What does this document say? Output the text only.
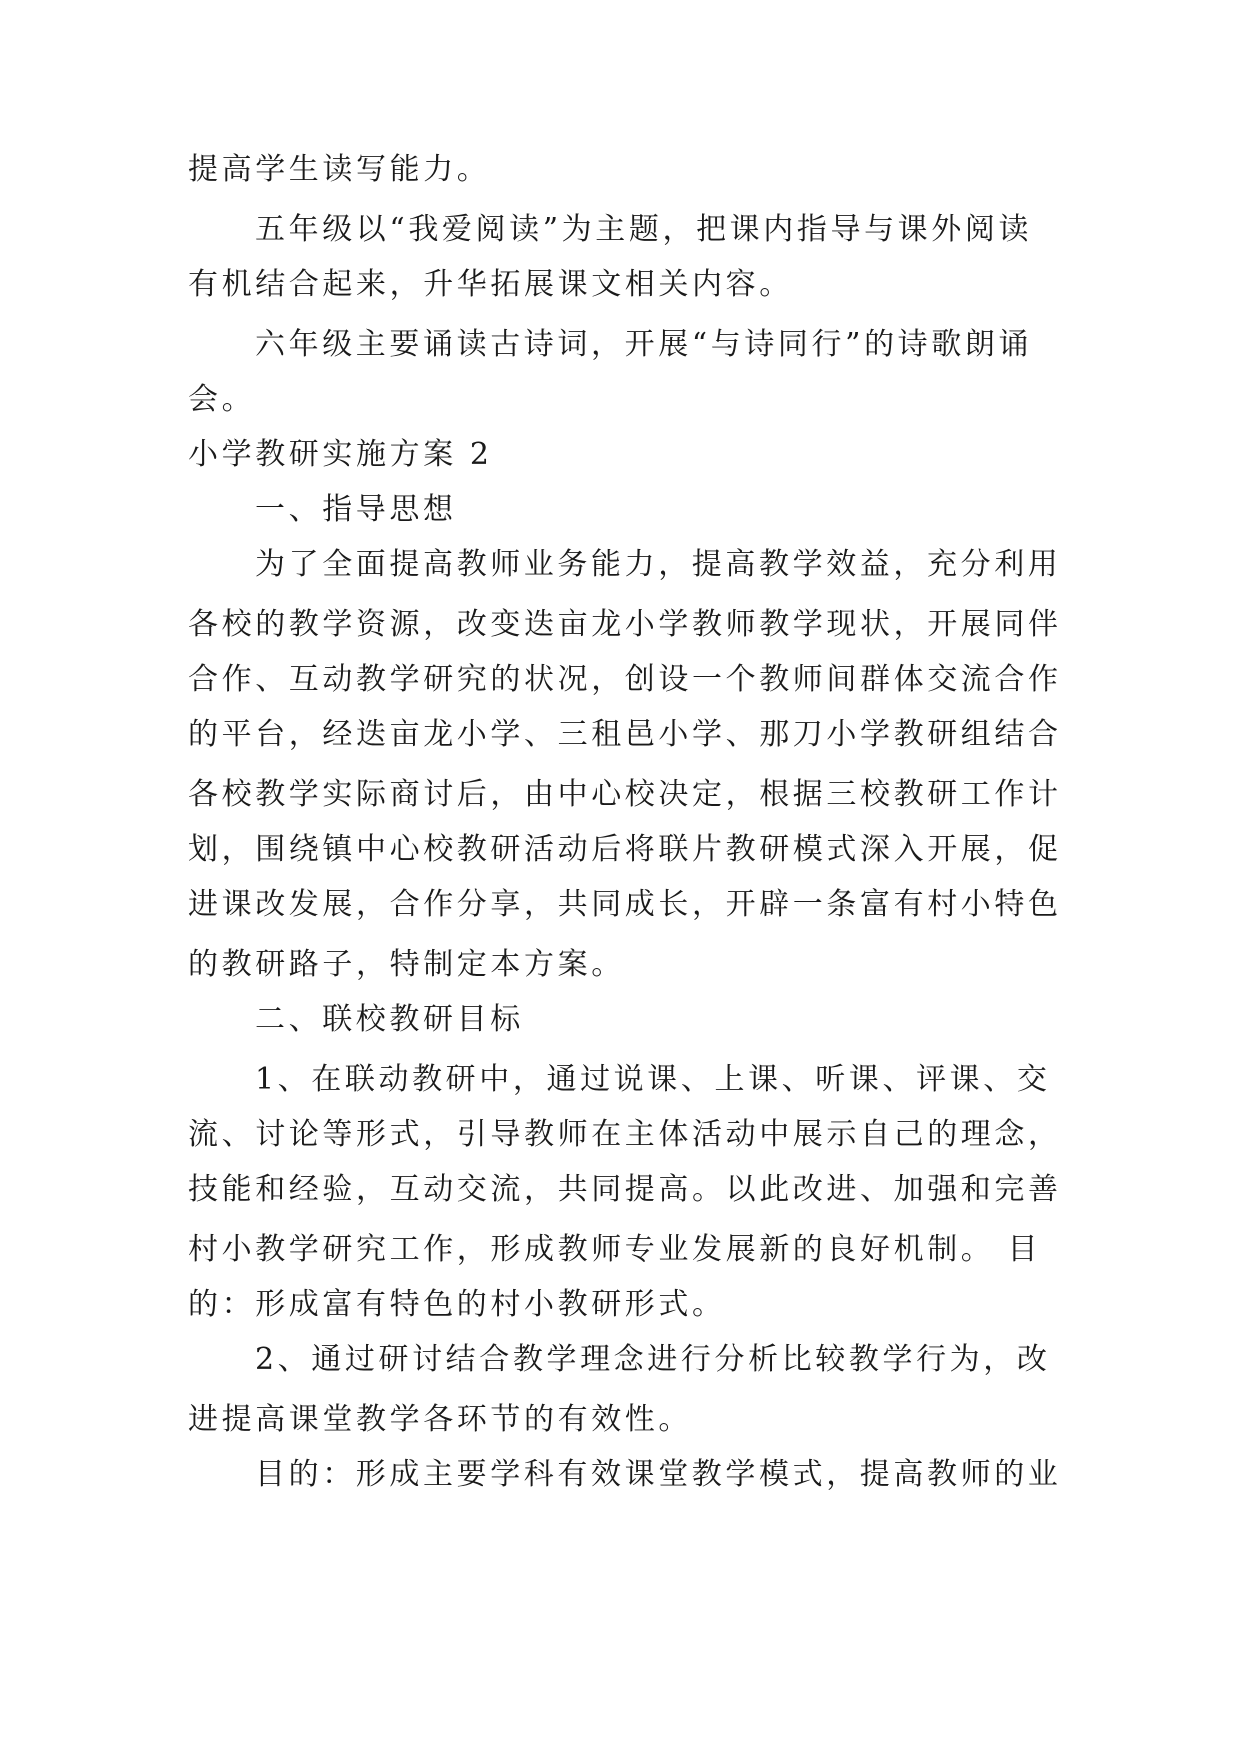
提高学生读写能力。
五年级以“我爱阅读”为主题，把课内指导与课外阅读
有机结合起来，升华拓展课文相关内容。
六年级主要诵读古诗词，开展“与诗同行”的诗歌朗诵
会。
小学教研实施方案 2
一、指导思想
为了全面提高教师业务能力，提高教学效益，充分利用
各校的教学资源，改变迭亩龙小学教师教学现状，开展同伴
合作、互动教学研究的状况，创设一个教师间群体交流合作
的平台，经迭亩龙小学、三租邑小学、那刀小学教研组结合
各校教学实际商讨后，由中心校决定，根据三校教研工作计
划，围绕镇中心校教研活动后将联片教研模式深入开展，促
进课改发展，合作分享，共同成长，开辟一条富有村小特色
的教研路子，特制定本方案。
二、联校教研目标
1、在联动教研中，通过说课、上课、听课、评课、交
流、讨论等形式，引导教师在主体活动中展示自己的理念，
技能和经验，互动交流，共同提高。以此改进、加强和完善
村小教学研究工作，形成教师专业发展新的良好机制。 目
的：形成富有特色的村小教研形式。
2、通过研讨结合教学理念进行分析比较教学行为，改
进提高课堂教学各环节的有效性。
目的：形成主要学科有效课堂教学模式，提高教师的业
